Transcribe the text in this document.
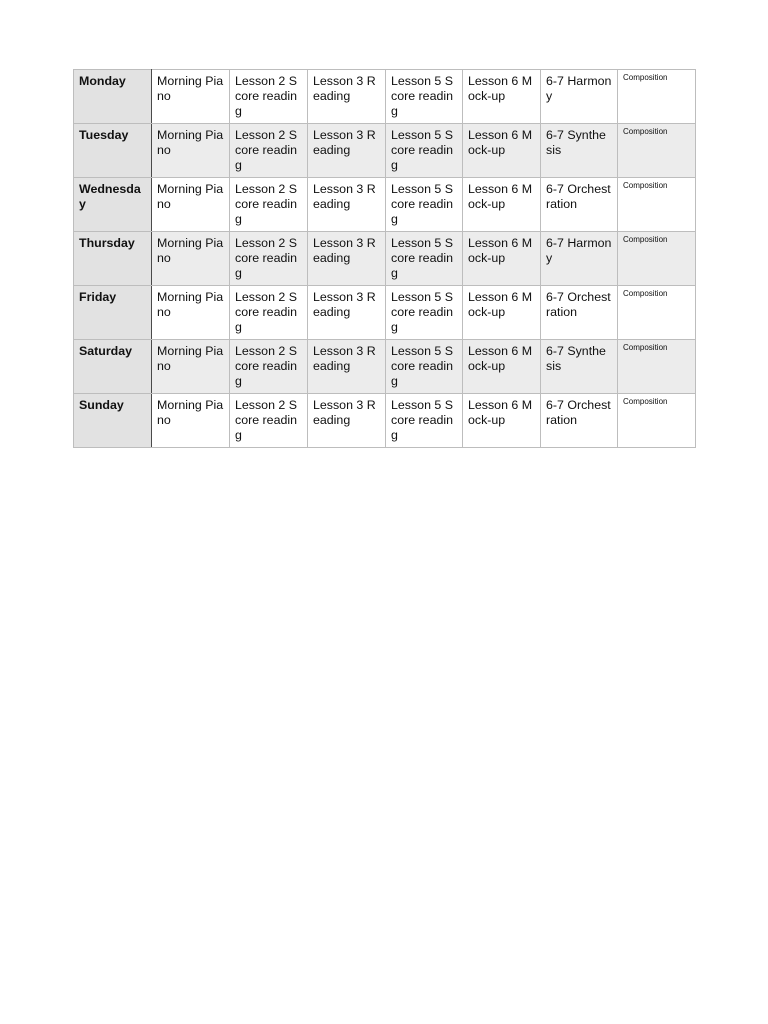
Monday	Morning Piano	Lesson 2 Score reading	Lesson 3 Reading	Lesson 5 Score reading	Lesson 6 Mock-up	6-7 Harmony	Composition
Tuesday	Morning Piano	Lesson 2 Score reading	Lesson 3 Reading	Lesson 5 Score reading	Lesson 6 Mock-up	6-7 Synthesis	Composition
Wednesday	Morning Piano	Lesson 2 Score reading	Lesson 3 Reading	Lesson 5 Score reading	Lesson 6 Mock-up	6-7 Orchestration	Composition
Thursday	Morning Piano	Lesson 2 Score reading	Lesson 3 Reading	Lesson 5 Score reading	Lesson 6 Mock-up	6-7 Harmony	Composition
Friday	Morning Piano	Lesson 2 Score reading	Lesson 3 Reading	Lesson 5 Score reading	Lesson 6 Mock-up	6-7 Orchestration	Composition
Saturday	Morning Piano	Lesson 2 Score reading	Lesson 3 Reading	Lesson 5 Score reading	Lesson 6 Mock-up	6-7 Synthesis	Composition
Sunday	Morning Piano	Lesson 2 Score reading	Lesson 3 Reading	Lesson 5 Score reading	Lesson 6 Mock-up	6-7 Orchestration	Composition
